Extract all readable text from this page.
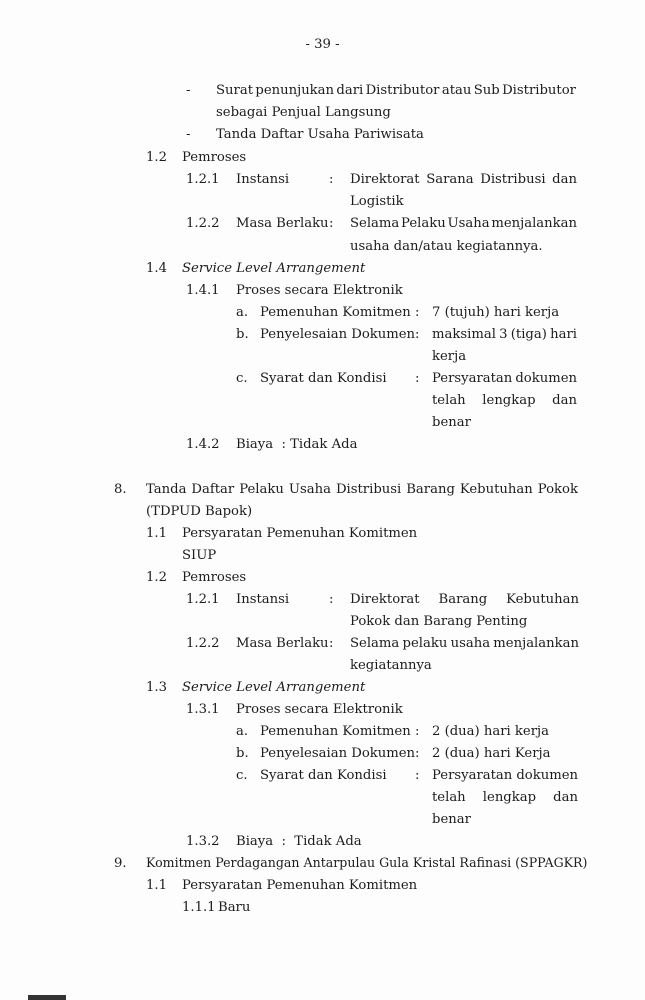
- 39 -
- Surat penunjukan dari Distributor atau Sub Distributor
sebagai Penjual Langsung
- Tanda Daftar Usaha Pariwisata
1.2 Pemroses
1.2.1 Instansi	: Direktorat Sarana Distribusi dan
Logistik
1.2.2 Masa Berlaku : Selama Pelaku Usaha menjalankan
usaha dan/atau kegiatannya.
1.4 Service Level Arrangement
1.4.1 Proses secara Elektronik
a. Pemenuhan Komitmen : 7 (tujuh) hari kerja
b. Penyelesaian Dokumen : maksimal 3 (tiga) hari
kerja
c. Syarat dan Kondisi : Persyaratan dokumen
telah lengkap dan
benar
1.4.2 Biaya  : Tidak Ada
8. Tanda Daftar Pelaku Usaha Distribusi Barang Kebutuhan Pokok
(TDPUD Bapok)
1.1 Persyaratan Pemenuhan Komitmen
SIUP
1.2 Pemroses
1.2.1 Instansi	: Direktorat Barang Kebutuhan
Pokok dan Barang Penting
1.2.2 Masa Berlaku : Selama pelaku usaha menjalankan
kegiatannya
1.3 Service Level Arrangement
1.3.1 Proses secara Elektronik
a. Pemenuhan Komitmen : 2 (dua) hari kerja
b. Penyelesaian Dokumen : 2 (dua) hari Kerja
c. Syarat dan Kondisi : Persyaratan dokumen
telah lengkap dan
benar
1.3.2 Biaya  :  Tidak Ada
9. Komitmen Perdagangan Antarpulau Gula Kristal Rafinasi (SPPAGKR)
1.1 Persyaratan Pemenuhan Komitmen
1.1.1 Baru
